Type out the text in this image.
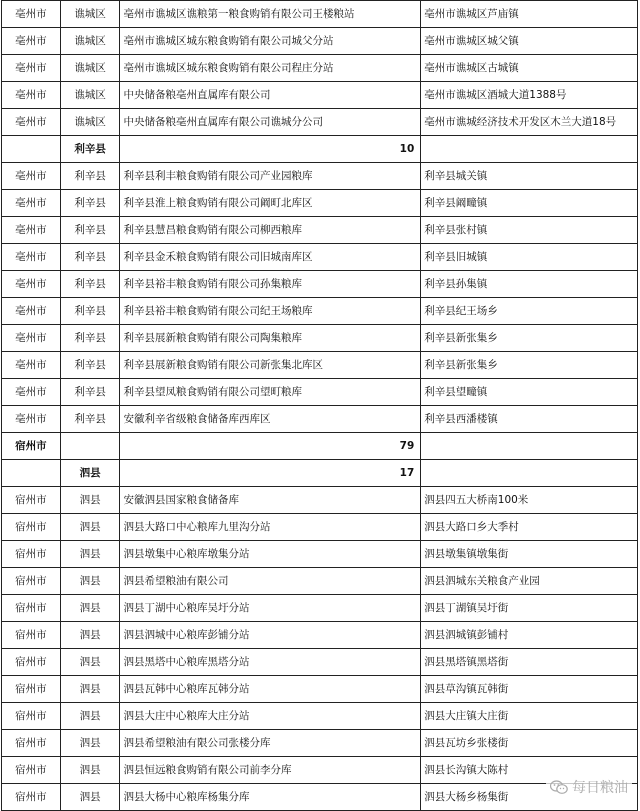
亳州市	谯城区	亳州市谯城区谯粮第一粮食购销有限公司王楼粮站	亳州市谯城区芦庙镇
亳州市	谯城区	亳州市谯城区城东粮食购销有限公司城父分站	亳州市谯城区城父镇
亳州市	谯城区	亳州市谯城区城东粮食购销有限公司程庄分站	亳州市谯城区古城镇
亳州市	谯城区	中央储备粮亳州直属库有限公司	亳州市谯城区酒城大道1388号
亳州市	谯城区	中央储备粮亳州直属库有限公司谯城分公司	亳州市谯城经济技术开发区木兰大道18号
	利辛县	10	
亳州市	利辛县	利辛县利丰粮食购销有限公司产业园粮库	利辛县城关镇
亳州市	利辛县	利辛县淮上粮食购销有限公司阚町北库区	利辛县阚疃镇
亳州市	利辛县	利辛县慧昌粮食购销有限公司柳西粮库	利辛县张村镇
亳州市	利辛县	利辛县金禾粮食购销有限公司旧城南库区	利辛县旧城镇
亳州市	利辛县	利辛县裕丰粮食购销有限公司孙集粮库	利辛县孙集镇
亳州市	利辛县	利辛县裕丰粮食购销有限公司纪王场粮库	利辛县纪王场乡
亳州市	利辛县	利辛县展新粮食购销有限公司陶集粮库	利辛县新张集乡
亳州市	利辛县	利辛县展新粮食购销有限公司新张集北库区	利辛县新张集乡
亳州市	利辛县	利辛县望凤粮食购销有限公司望町粮库	利辛县望疃镇
亳州市	利辛县	安徽利辛省级粮食储备库西库区	利辛县西潘楼镇
宿州市		79	
	泗县	17	
宿州市	泗县	安徽泗县国家粮食储备库	泗县四五大桥南100米
宿州市	泗县	泗县大路口中心粮库九里沟分站	泗县大路口乡大季村
宿州市	泗县	泗县墩集中心粮库墩集分站	泗县墩集镇墩集街
宿州市	泗县	泗县希望粮油有限公司	泗县泗城东关粮食产业园
宿州市	泗县	泗县丁湖中心粮库吴圩分站	泗县丁湖镇吴圩街
宿州市	泗县	泗县泗城中心粮库彭铺分站	泗县泗城镇彭铺村
宿州市	泗县	泗县黑塔中心粮库黑塔分站	泗县黑塔镇黑塔街
宿州市	泗县	泗县瓦韩中心粮库瓦韩分站	泗县草沟镇瓦韩街
宿州市	泗县	泗县大庄中心粮库大庄分站	泗县大庄镇大庄街
宿州市	泗县	泗县希望粮油有限公司张楼分库	泗县瓦坊乡张楼街
宿州市	泗县	泗县恒远粮食购销有限公司前李分库	泗县长沟镇大陈村
宿州市	泗县	泗县大杨中心粮库杨集分库	泗县大杨乡杨集街
每日粮油
